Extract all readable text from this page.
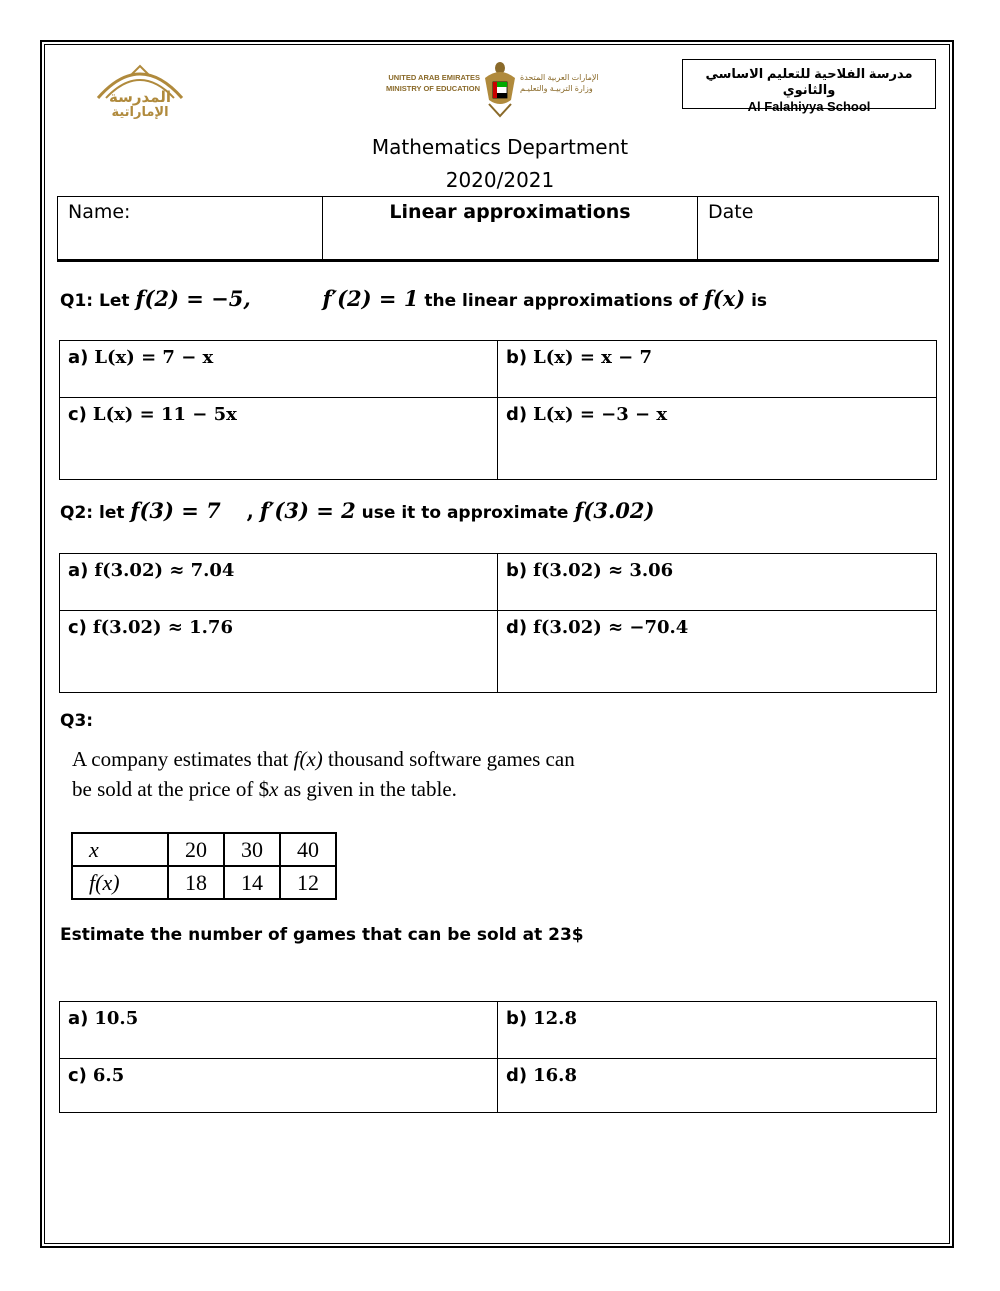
المدرسة
الإماراتية
UNITED ARAB EMIRATES
MINISTRY OF EDUCATION
الإمارات العربية المتحدة
وزارة التربيـة والتعليـم
مدرسة الفلاحية للتعليم الاساسي والثانوي
Al Falahiyya School
Mathematics Department
2020/2021
Name:	Linear approximations	Date
Q1: Let f(2) = −5,	f′(2) = 1 the linear approximations of f(x) is
a) L(x) = 7 − x	b) L(x) = x − 7
c) L(x) = 11 − 5x	d) L(x) = −3 − x
Q2: let f(3) = 7 , f′(3) = 2 use it to approximate f(3.02)
a) f(3.02) ≈ 7.04	b) f(3.02) ≈ 3.06
c) f(3.02) ≈ 1.76	d) f(3.02) ≈ −70.4
Q3:
A company estimates that f(x) thousand software games can
be sold at the price of $x as given in the table.
x	20	30	40
f(x)	18	14	12
Estimate the number of games that can be sold at 23$
a) 10.5	b) 12.8
c) 6.5	d) 16.8
